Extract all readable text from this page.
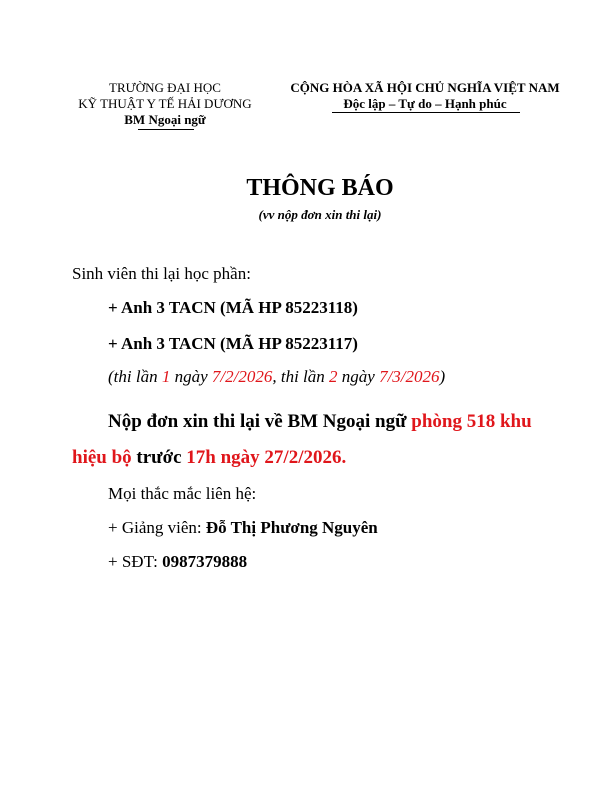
TRƯỜNG ĐẠI HỌC
KỸ THUẬT Y TẾ HẢI DƯƠNG
BM Ngoại ngữ
CỘNG HÒA XÃ HỘI CHỦ NGHĨA VIỆT NAM
Độc lập – Tự do – Hạnh phúc
THÔNG BÁO
(vv nộp đơn xin thi lại)
Sinh viên thi lại học phần:
+ Anh 3 TACN (MÃ HP 85223118)
+ Anh 3 TACN (MÃ HP 85223117)
(thi lần 1 ngày 7/2/2026, thi lần 2 ngày 7/3/2026)
Nộp đơn xin thi lại về BM Ngoại ngữ phòng 518 khu
hiệu bộ trước 17h ngày 27/2/2026.
Mọi thắc mắc liên hệ:
+ Giảng viên: Đỗ Thị Phương Nguyên
+ SĐT: 0987379888
